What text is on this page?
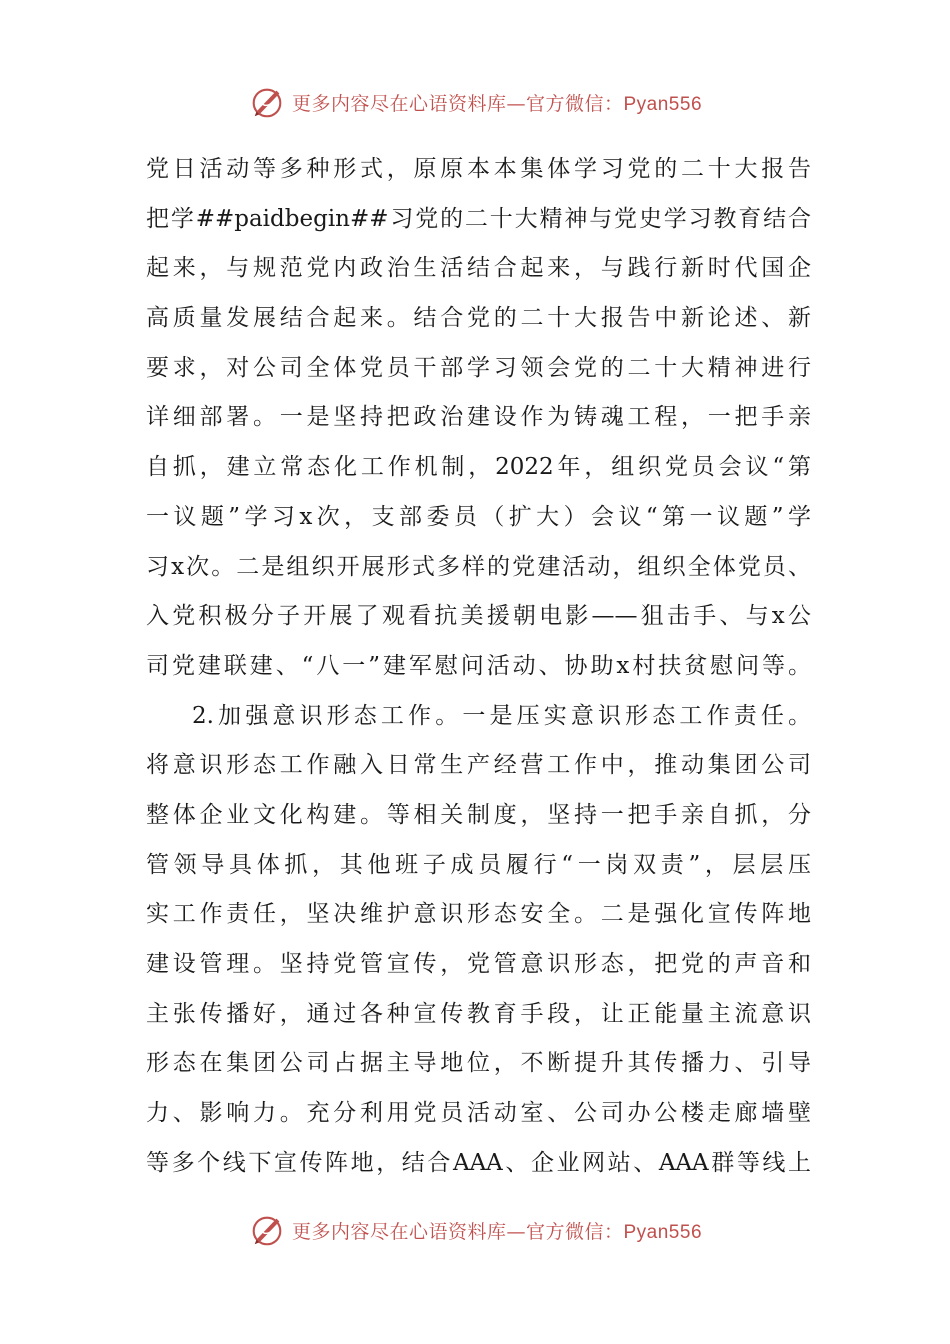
更多内容尽在心语资料库—官方微信：Pyan556
党日活动等多种形式，原原本本集体学习党的二十大报告
把学##paidbegin##习党的二十大精神与党史学习教育结合
起来，与规范党内政治生活结合起来，与践行新时代国企
高质量发展结合起来。结合党的二十大报告中新论述、新
要求，对公司全体党员干部学习领会党的二十大精神进行
详细部署。一是坚持把政治建设作为铸魂工程，一把手亲
自抓，建立常态化工作机制，2022年，组织党员会议“第
一议题”学习x次，支部委员（扩大）会议“第一议题”学
习x次。二是组织开展形式多样的党建活动，组织全体党员、
入党积极分子开展了观看抗美援朝电影——狙击手、与x公
司党建联建、“八一”建军慰问活动、协助x村扶贫慰问等。
2.加强意识形态工作。一是压实意识形态工作责任。
将意识形态工作融入日常生产经营工作中，推动集团公司
整体企业文化构建。等相关制度，坚持一把手亲自抓，分
管领导具体抓，其他班子成员履行“一岗双责”，层层压
实工作责任，坚决维护意识形态安全。二是强化宣传阵地
建设管理。坚持党管宣传，党管意识形态，把党的声音和
主张传播好，通过各种宣传教育手段，让正能量主流意识
形态在集团公司占据主导地位，不断提升其传播力、引导
力、影响力。充分利用党员活动室、公司办公楼走廊墙壁
等多个线下宣传阵地，结合AAA、企业网站、AAA群等线上
更多内容尽在心语资料库—官方微信：Pyan556
